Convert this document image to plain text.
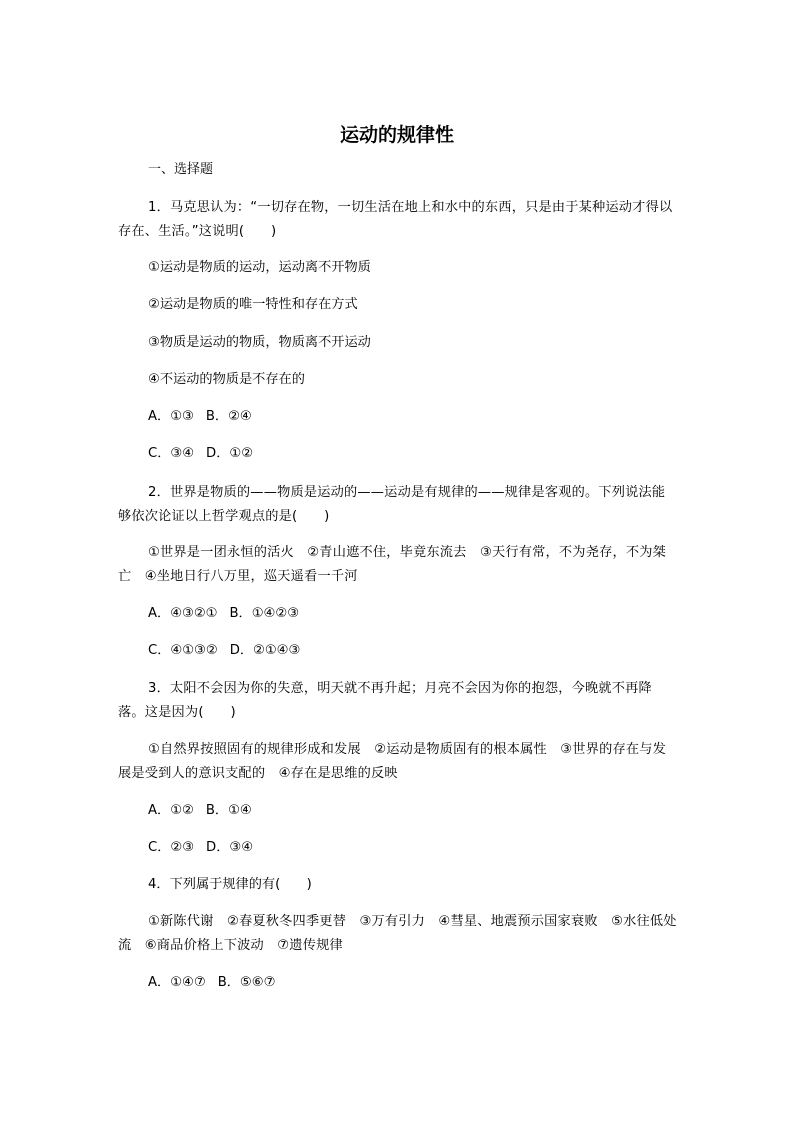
运动的规律性
一、选择题
1．马克思认为：“一切存在物，一切生活在地上和水中的东西，只是由于某种运动才得以存在、生活。”这说明(　　)
①运动是物质的运动，运动离不开物质
②运动是物质的唯一特性和存在方式
③物质是运动的物质，物质离不开运动
④不运动的物质是不存在的
A．①③ B．②④
C．③④ D．①②
2．世界是物质的——物质是运动的——运动是有规律的——规律是客观的。下列说法能够依次论证以上哲学观点的是(　　)
①世界是一团永恒的活火　②青山遮不住，毕竟东流去　③天行有常，不为尧存，不为桀亡　④坐地日行八万里，巡天遥看一千河
A．④③②① B．①④②③
C．④①③② D．②①④③
3．太阳不会因为你的失意，明天就不再升起；月亮不会因为你的抱怨，今晚就不再降落。这是因为(　　)
①自然界按照固有的规律形成和发展　②运动是物质固有的根本属性　③世界的存在与发展是受到人的意识支配的　④存在是思维的反映
A．①② B．①④
C．②③ D．③④
4．下列属于规律的有(　　)
①新陈代谢　②春夏秋冬四季更替　③万有引力　④彗星、地震预示国家衰败　⑤水往低处流　⑥商品价格上下波动　⑦遗传规律
A．①④⑦ B．⑤⑥⑦
